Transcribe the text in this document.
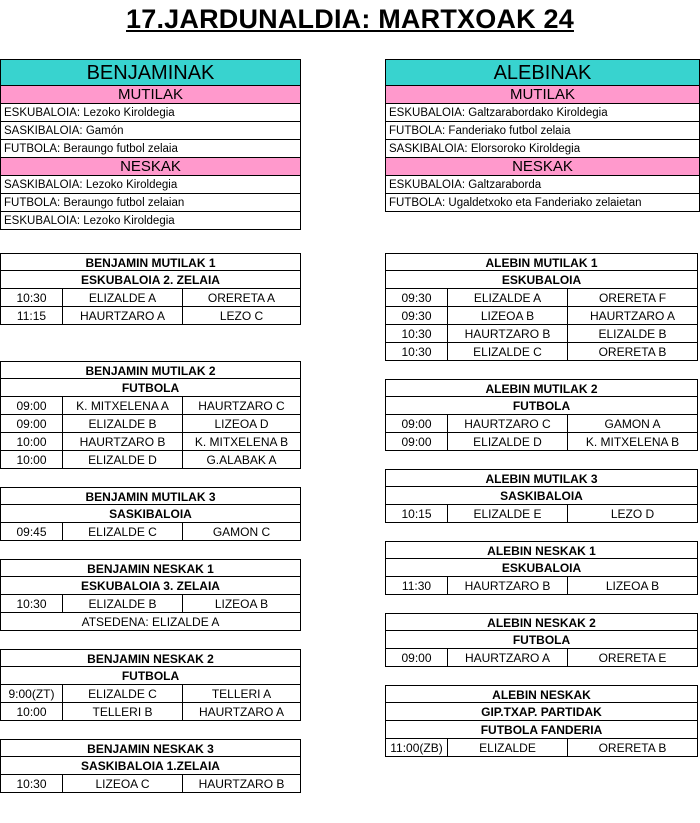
17.JARDUNALDIA: MARTXOAK 24
BENJAMINAK
MUTILAK
ESKUBALOIA: Lezoko Kiroldegia
SASKIBALOIA: Gamón
FUTBOLA: Beraungo futbol zelaia
NESKAK
SASKIBALOIA: Lezoko Kiroldegia
FUTBOLA: Beraungo futbol zelaian
ESKUBALOIA: Lezoko Kiroldegia
ALEBINAK
MUTILAK
ESKUBALOIA: Galtzarabordako Kiroldegia
FUTBOLA: Fanderiako futbol zelaia
SASKIBALOIA: Elorsoroko Kiroldegia
NESKAK
ESKUBALOIA: Galtzaraborda
FUTBOLA: Ugaldetxoko eta Fanderiako zelaietan
BENJAMIN MUTILAK 1
ESKUBALOIA 2. ZELAIA
10:30	ELIZALDE A	ORERETA A
11:15	HAURTZARO A	LEZO C
BENJAMIN MUTILAK 2
FUTBOLA
09:00	K. MITXELENA A	HAURTZARO C
09:00	ELIZALDE B	LIZEOA D
10:00	HAURTZARO B	K. MITXELENA B
10:00	ELIZALDE D	G.ALABAK A
BENJAMIN MUTILAK 3
SASKIBALOIA
09:45	ELIZALDE C	GAMON C
BENJAMIN NESKAK 1
ESKUBALOIA 3. ZELAIA
10:30	ELIZALDE B	LIZEOA B
ATSEDENA: ELIZALDE A
BENJAMIN NESKAK 2
FUTBOLA
9:00(ZT)	ELIZALDE C	TELLERI A
10:00	TELLERI B	HAURTZARO A
BENJAMIN NESKAK 3
SASKIBALOIA 1.ZELAIA
10:30	LIZEOA C	HAURTZARO B
ALEBIN MUTILAK 1
ESKUBALOIA
09:30	ELIZALDE A	ORERETA F
09:30	LIZEOA B	HAURTZARO A
10:30	HAURTZARO B	ELIZALDE B
10:30	ELIZALDE C	ORERETA B
ALEBIN MUTILAK 2
FUTBOLA
09:00	HAURTZARO C	GAMON A
09:00	ELIZALDE D	K. MITXELENA B
ALEBIN MUTILAK 3
SASKIBALOIA
10:15	ELIZALDE E	LEZO D
ALEBIN NESKAK 1
ESKUBALOIA
11:30	HAURTZARO B	LIZEOA B
ALEBIN NESKAK 2
FUTBOLA
09:00	HAURTZARO A	ORERETA E
ALEBIN NESKAK
GIP.TXAP. PARTIDAK
FUTBOLA FANDERIA
11:00(ZB)	ELIZALDE	ORERETA B
